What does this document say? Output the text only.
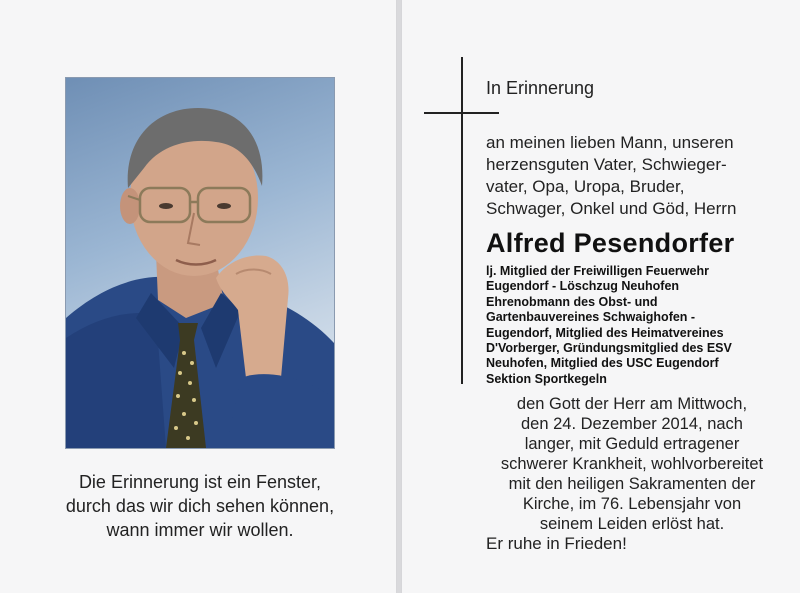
Die Erinnerung ist ein Fenster,
durch das wir dich sehen können,
wann immer wir wollen.
In Erinnerung
an meinen lieben Mann, unseren
herzensguten Vater, Schwieger-
vater, Opa, Uropa, Bruder,
Schwager, Onkel und Göd, Herrn
Alfred Pesendorfer
lj. Mitglied der Freiwilligen Feuerwehr
Eugendorf - Löschzug Neuhofen
Ehrenobmann des Obst- und
Gartenbauvereines Schwaighofen -
Eugendorf, Mitglied des Heimatvereines
D'Vorberger, Gründungsmitglied des ESV
Neuhofen, Mitglied des USC Eugendorf
Sektion Sportkegeln
den Gott der Herr am Mittwoch,
den 24. Dezember 2014, nach
langer, mit Geduld ertragener
schwerer Krankheit, wohlvorbereitet
mit den heiligen Sakramenten der
Kirche, im 76. Lebensjahr von
seinem Leiden erlöst hat.
Er ruhe in Frieden!
